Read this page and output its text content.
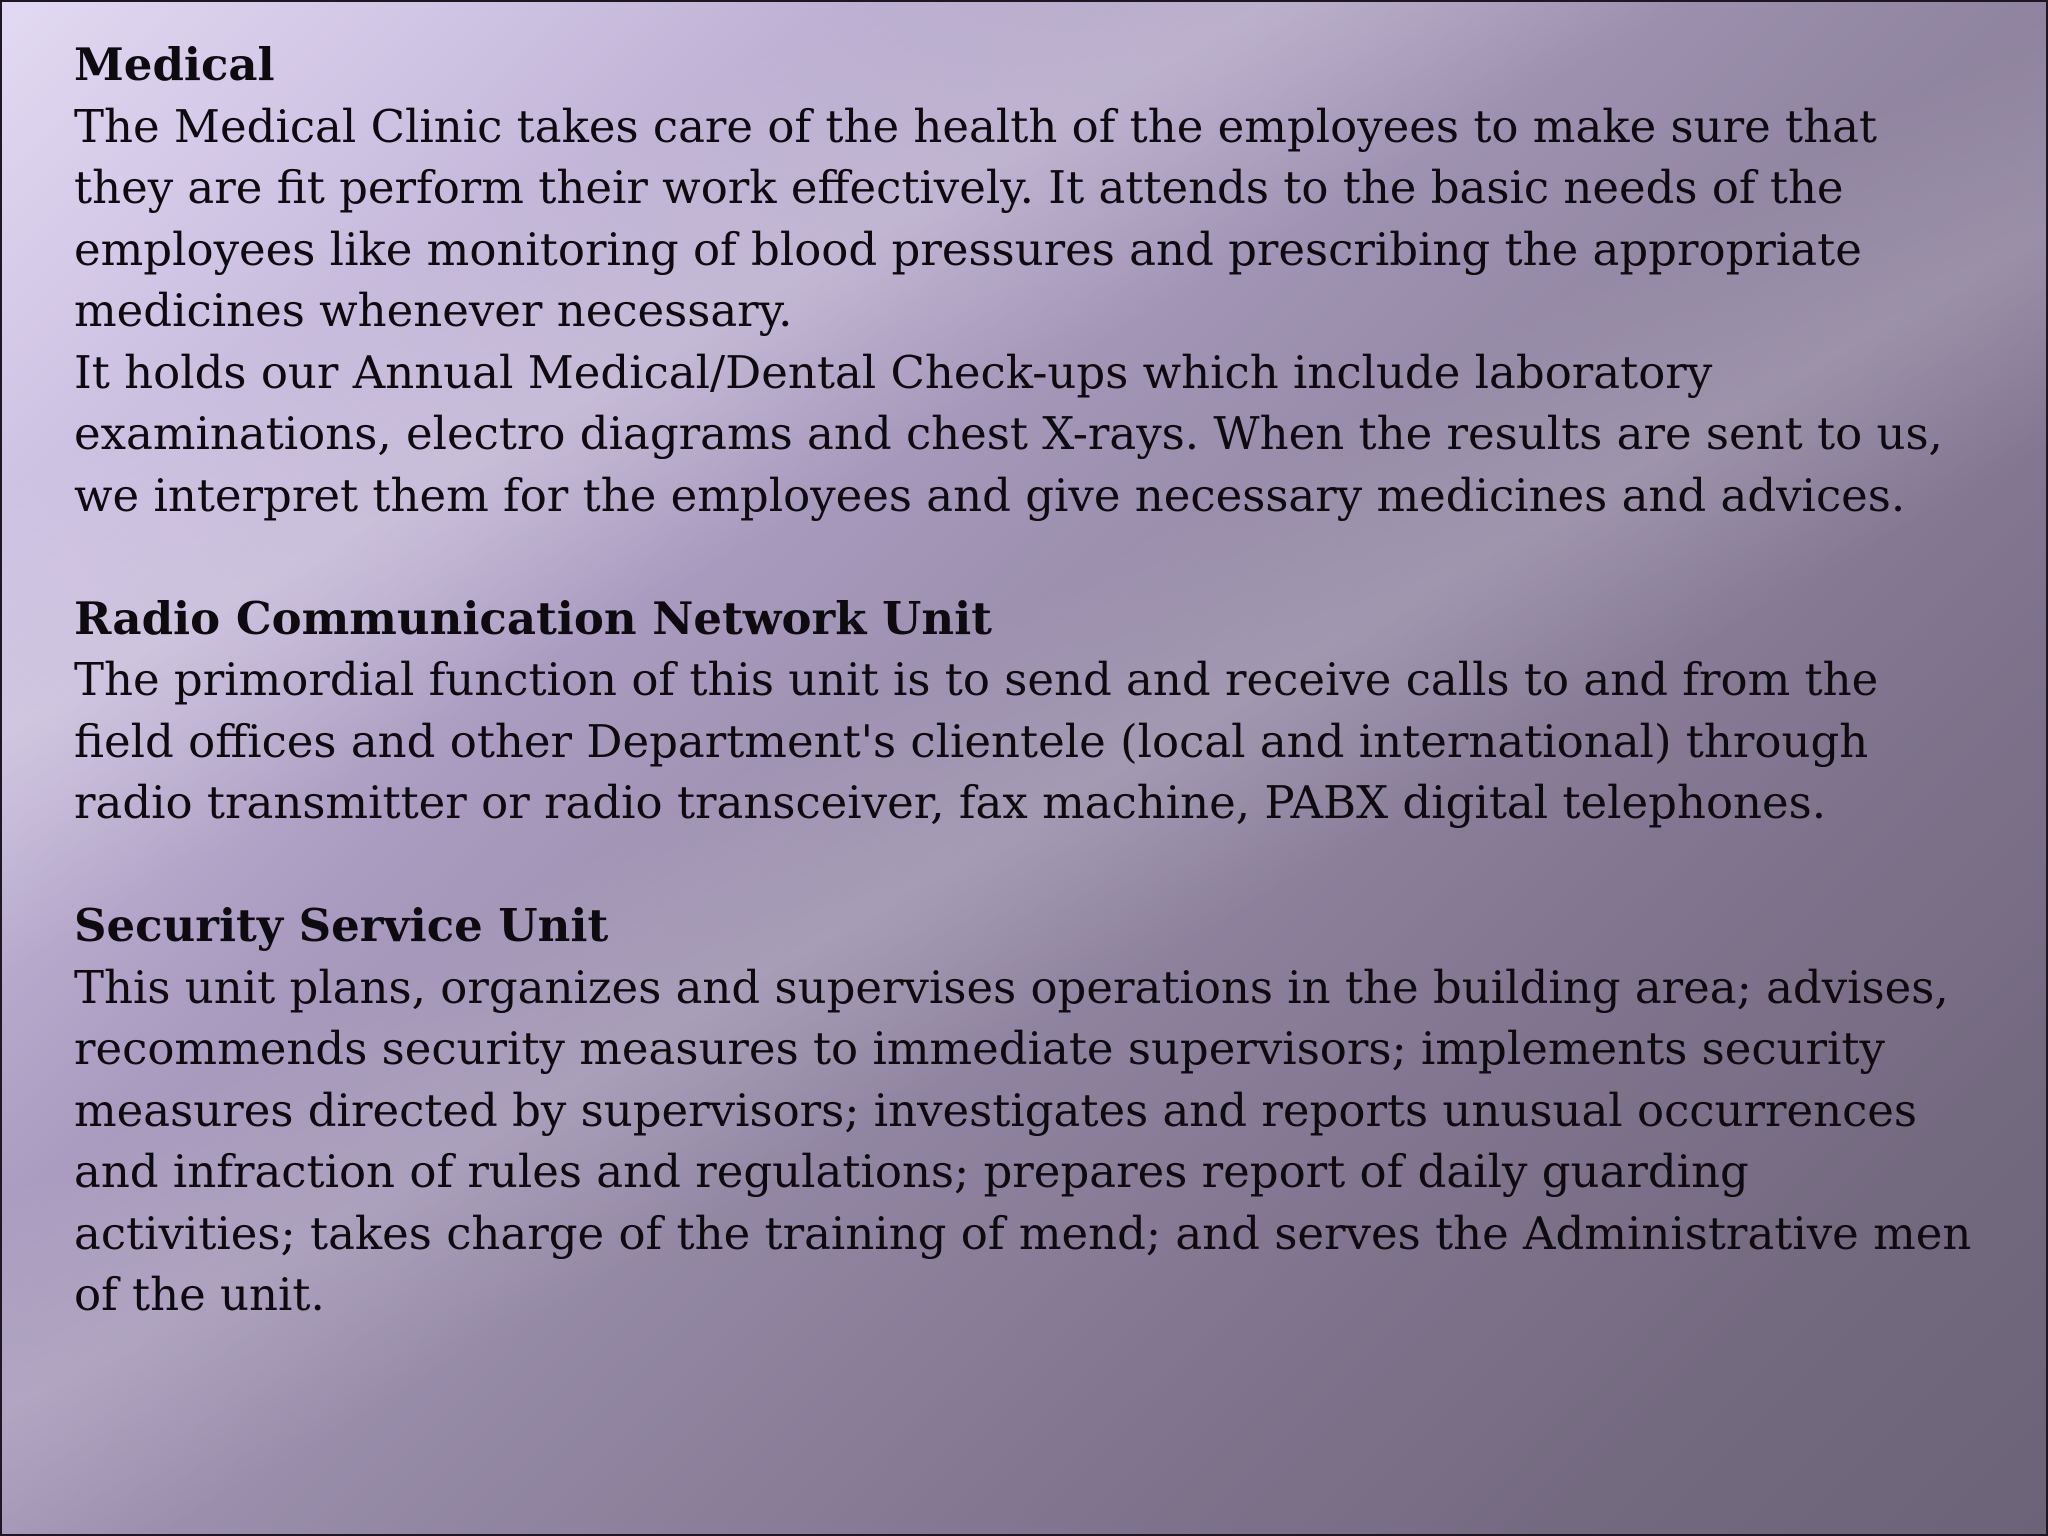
Medical
The Medical Clinic takes care of the health of the employees to make sure that
they are fit perform their work effectively. It attends to the basic needs of the
employees like monitoring of blood pressures and prescribing the appropriate
medicines whenever necessary.
It holds our Annual Medical/Dental Check-ups which include laboratory
examinations, electro diagrams and chest X-rays. When the results are sent to us,
we interpret them for the employees and give necessary medicines and advices.
Radio Communication Network Unit
The primordial function of this unit is to send and receive calls to and from the
field offices and other Department's clientele (local and international) through
radio transmitter or radio transceiver, fax machine, PABX digital telephones.
Security Service Unit
This unit plans, organizes and supervises operations in the building area; advises,
recommends security measures to immediate supervisors; implements security
measures directed by supervisors; investigates and reports unusual occurrences
and infraction of rules and regulations; prepares report of daily guarding
activities; takes charge of the training of mend; and serves the Administrative men
of the unit.
